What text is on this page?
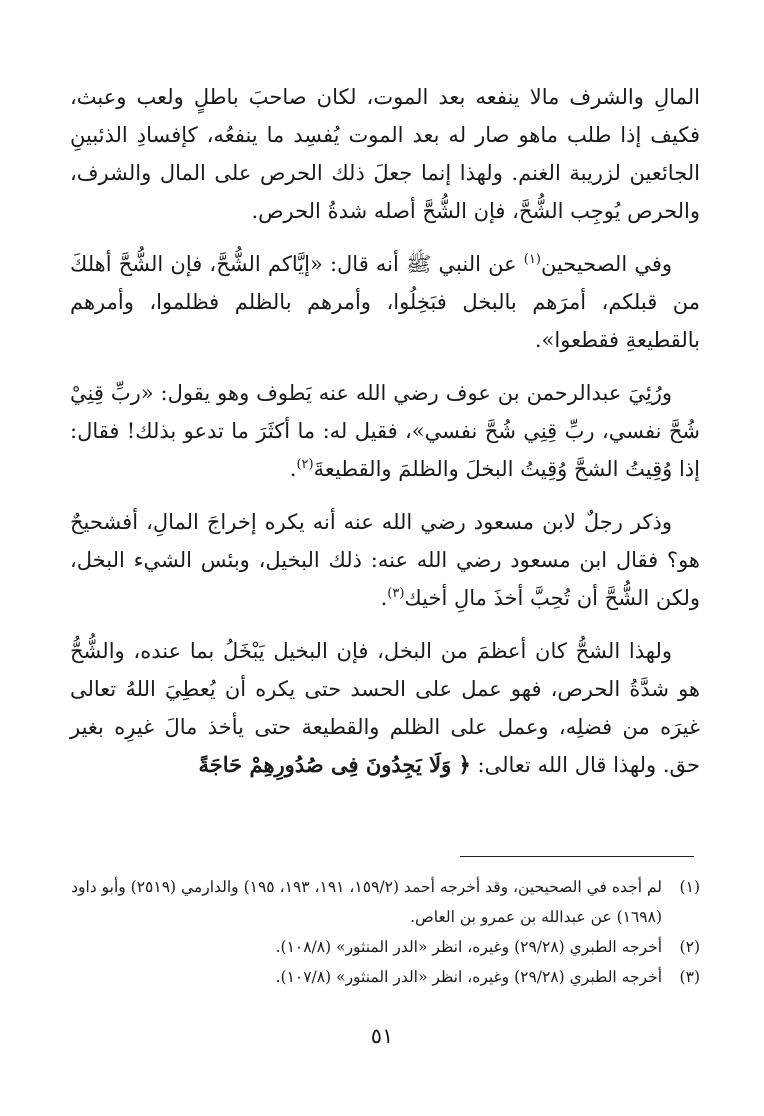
المالِ والشرف مالا ينفعه بعد الموت، لكان صاحبَ باطلٍ ولعب وعبث، فكيف إذا طلب ماهو صار له بعد الموت يُفسِد ما ينفعُه، كإفسادِ الذئبينِ الجائعين لزريبة الغنم. ولهذا إنما جعلَ ذلك الحرص على المال والشرف، والحرص يُوجِب الشُّحَّ، فإن الشُّحَّ أصله شدةُ الحرص.

وفي الصحيحين$^{(١)}$ عن النبي ﷺ أنه قال: «إيَّاكم الشُّحَّ، فإن الشُّحَّ أهلكَ من قبلكم، أمرَهم بالبخل فبَخِلُوا، وأمرهم بالظلم فظلموا، وأمرهم بالقطيعةِ فقطعوا».

ورُئِيَ عبدالرحمن بن عوف رضي الله عنه يَطوف وهو يقول: «ربِّ قِنِيْ شُحَّ نفسي، ربِّ قِنِي شُحَّ نفسي»، فقيل له: ما أكثَرَ ما تدعو بذلك! فقال: إذا وُقِيتُ الشحَّ وُقِيتُ البخلَ والظلمَ والقطيعةَ$^{(٢)}$.

وذكر رجلٌ لابن مسعود رضي الله عنه أنه يكره إخراجَ المالِ، أفشحيحٌ هو؟ فقال ابن مسعود رضي الله عنه: ذلك البخيل، وبئس الشيء البخل، ولكن الشُّحَّ أن تُحِبَّ أخذَ مالِ أخيك$^{(٣)}$.

ولهذا الشحُّ كان أعظمَ من البخل، فإن البخيل يَبْخَلُ بما عنده، والشُّحُّ هو شدَّةُ الحرص، فهو عمل على الحسد حتى يكره أن يُعطِيَ اللهُ تعالى غيرَه من فضلِه، وعمل على الظلم والقطيعة حتى يأخذ مالَ غيرِه بغير حق. ولهذا قال الله تعالى: ﴿ وَلَا يَجِدُونَ فِى صُدُورِهِمْ حَاجَةً

(١)
لم أجده في الصحيحين، وقد أخرجه أحمد (١٥٩/٢، ١٩١، ١٩٣، ١٩٥) والدارمي (٢٥١٩) وأبو داود (١٦٩٨) عن عبدالله بن عمرو بن العاص.
(٢)
أخرجه الطبري (٢٩/٢٨) وغيره، انظر «الدر المنثور» (١٠٨/٨).
(٣)
أخرجه الطبري (٢٩/٢٨) وغيره، انظر «الدر المنثور» (١٠٧/٨).
٥١
